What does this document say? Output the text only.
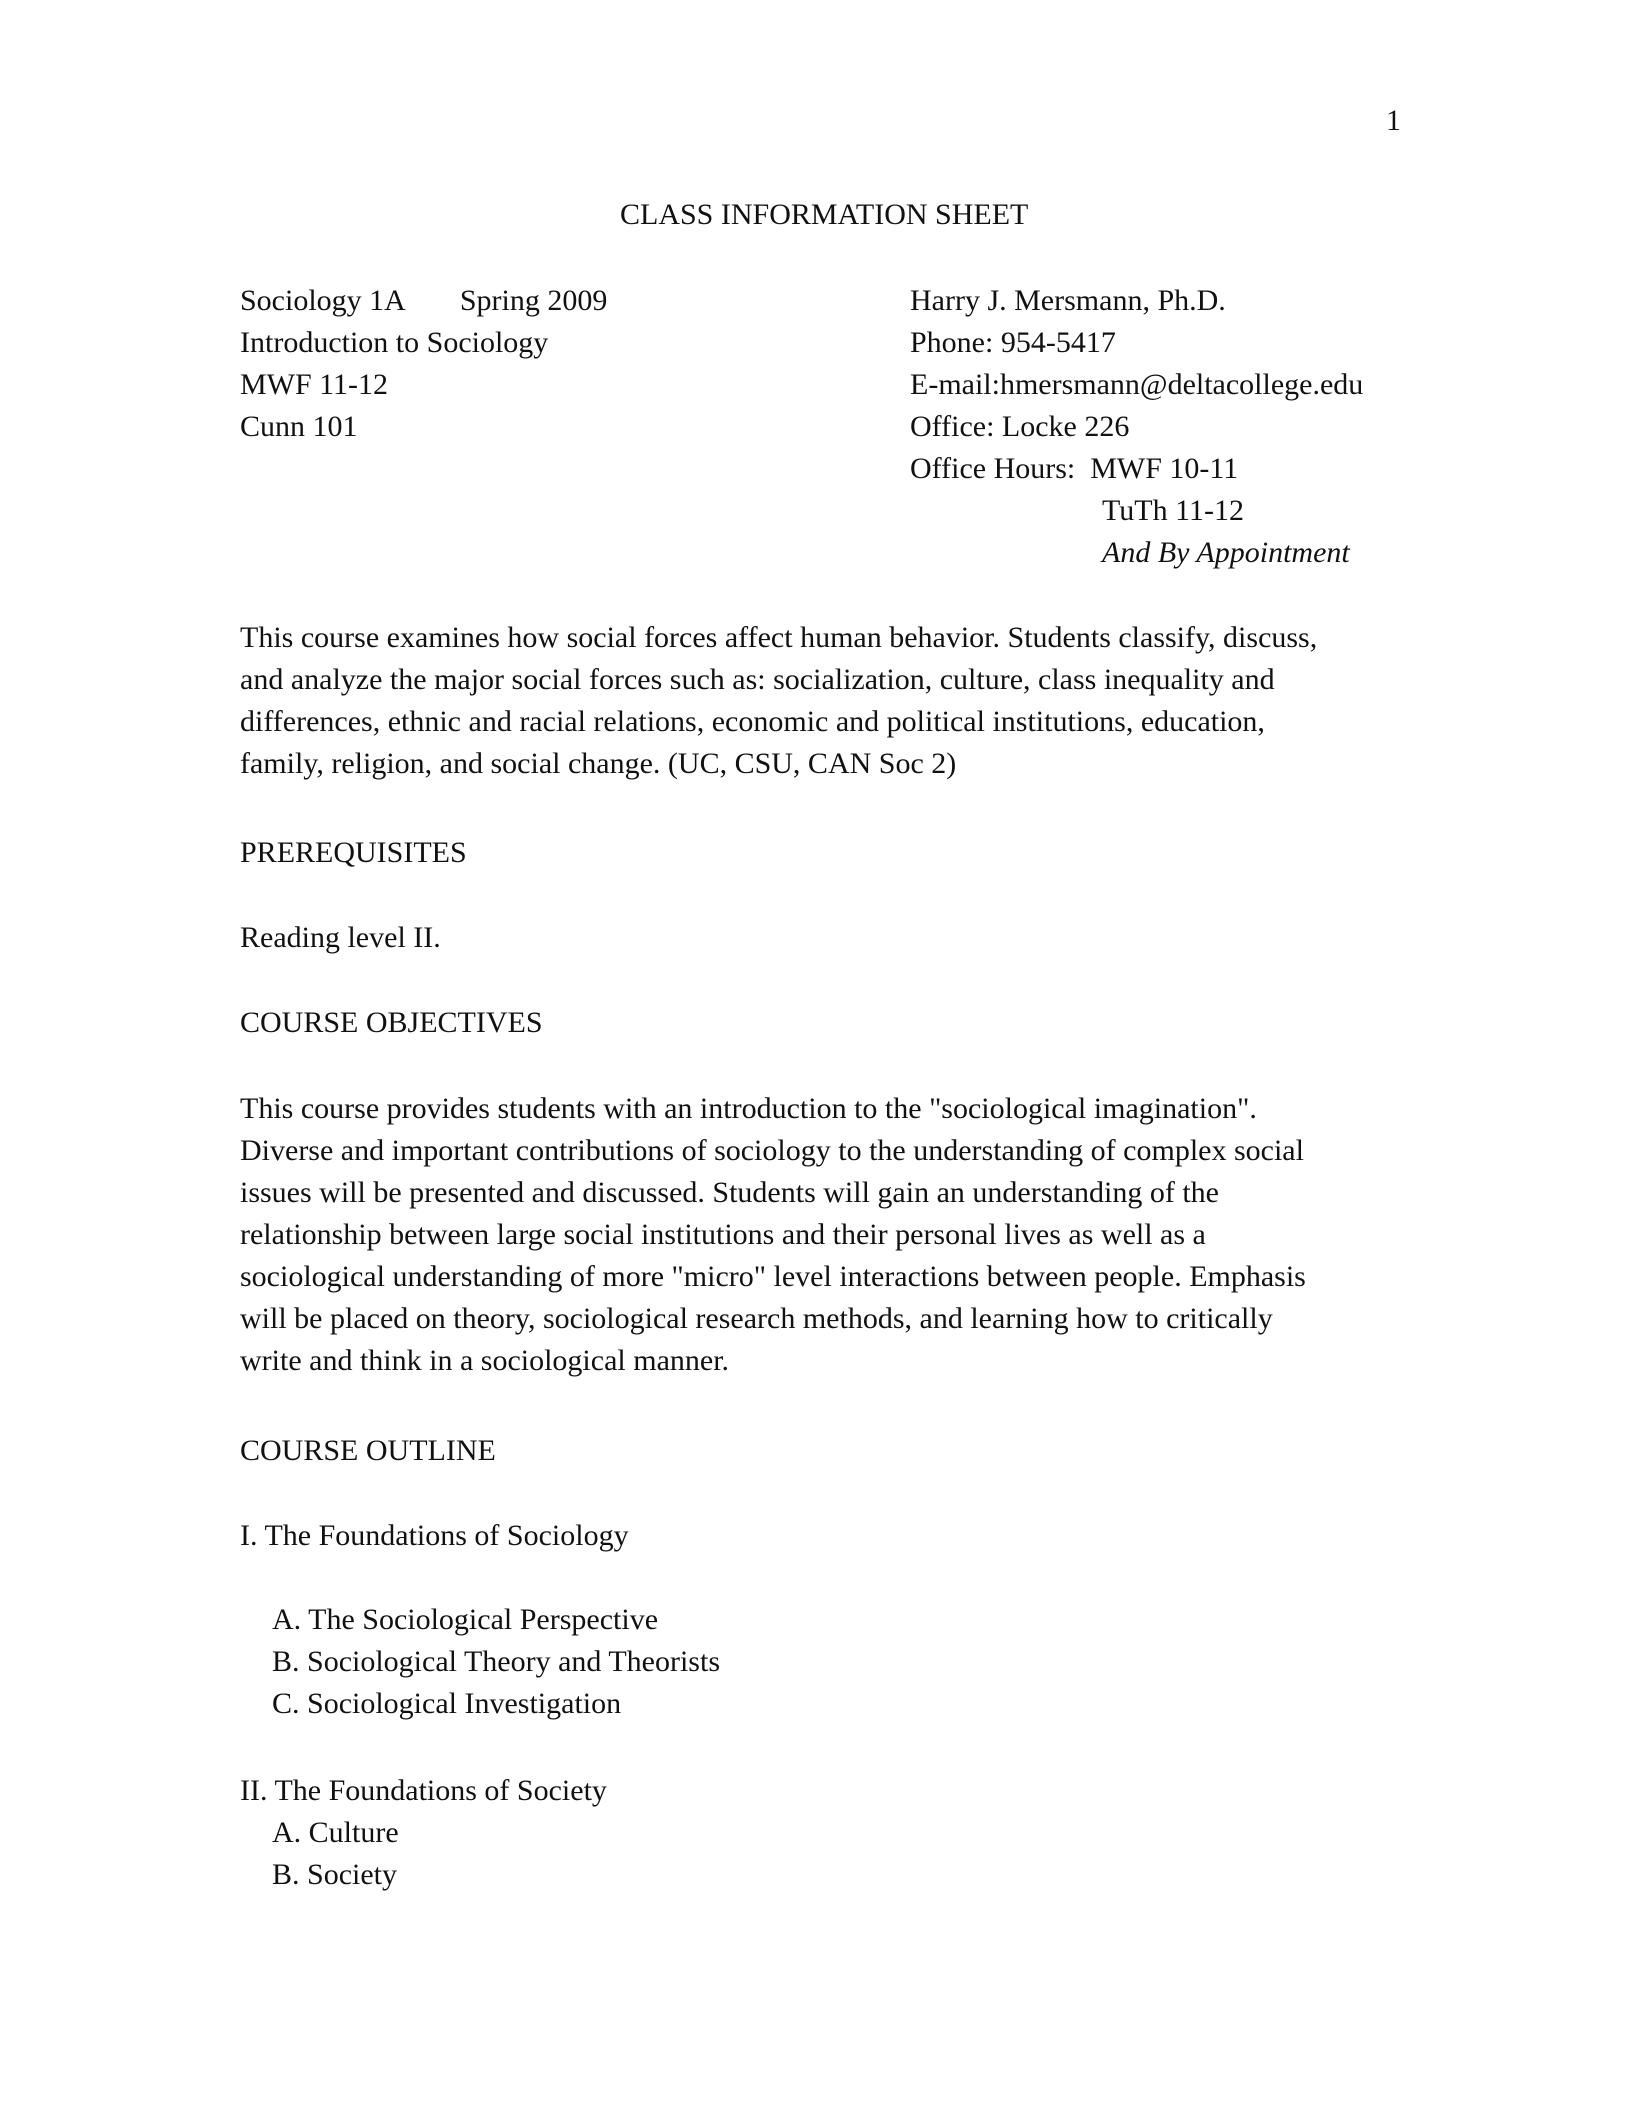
1
CLASS INFORMATION SHEET
Sociology 1A Spring 2009
Introduction to Sociology
MWF 11-12
Cunn 101
Harry J. Mersmann, Ph.D.
Phone: 954-5417
E-mail:hmersmann@deltacollege.edu
Office: Locke 226
Office Hours: MWF 10-11
TuTh 11-12
And By Appointment
This course examines how social forces affect human behavior. Students classify, discuss,
and analyze the major social forces such as: socialization, culture, class inequality and
differences, ethnic and racial relations, economic and political institutions, education,
family, religion, and social change. (UC, CSU, CAN Soc 2)
PREREQUISITES
Reading level II.
COURSE OBJECTIVES
This course provides students with an introduction to the "sociological imagination".
Diverse and important contributions of sociology to the understanding of complex social
issues will be presented and discussed. Students will gain an understanding of the
relationship between large social institutions and their personal lives as well as a
sociological understanding of more "micro" level interactions between people. Emphasis
will be placed on theory, sociological research methods, and learning how to critically
write and think in a sociological manner.
COURSE OUTLINE
I. The Foundations of Sociology
A. The Sociological Perspective
B. Sociological Theory and Theorists
C. Sociological Investigation
II. The Foundations of Society
A. Culture
B. Society
